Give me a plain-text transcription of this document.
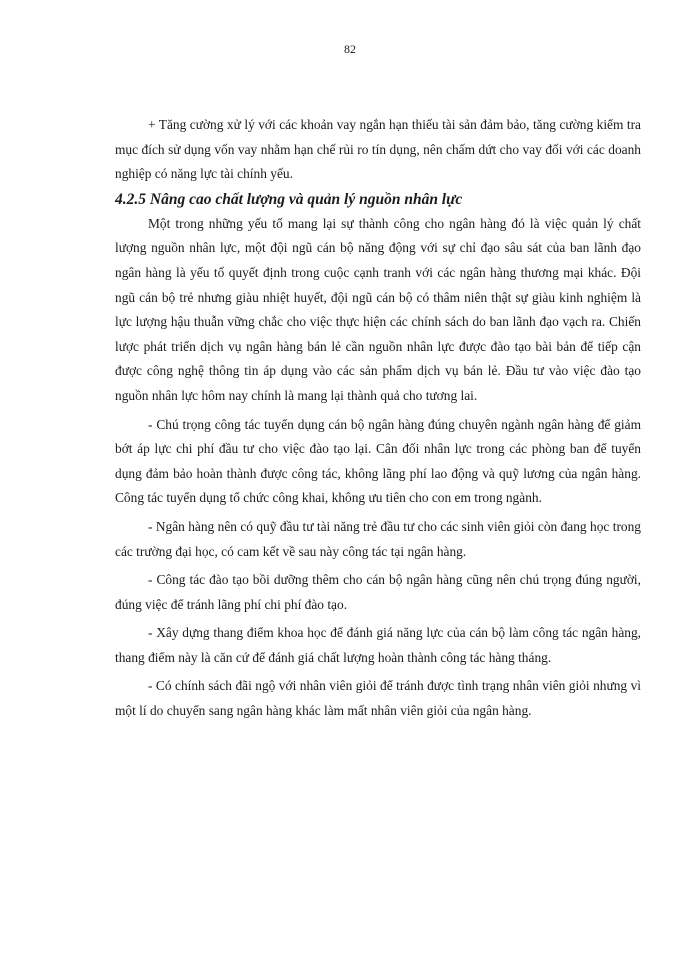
82

+ Tăng cường xử lý với các khoản vay ngắn hạn thiếu tài sản đảm bảo, tăng cường kiểm tra mục đích sử dụng vốn vay nhằm hạn chế rủi ro tín dụng, nên chấm dứt cho vay đối với các doanh nghiệp có năng lực tài chính yếu.

4.2.5 Nâng cao chất lượng và quản lý nguồn nhân lực

Một trong những yếu tố mang lại sự thành công cho ngân hàng đó là việc quản lý chất lượng nguồn nhân lực, một đội ngũ cán bộ năng động với sự chỉ đạo sâu sát của ban lãnh đạo ngân hàng là yếu tố quyết định trong cuộc cạnh tranh với các ngân hàng thương mại khác. Đội ngũ cán bộ trẻ nhưng giàu nhiệt huyết, đội ngũ cán bộ có thâm niên thật sự giàu kinh nghiệm là lực lượng hậu thuẫn vững chắc cho việc thực hiện các chính sách do ban lãnh đạo vạch ra. Chiến lược phát triển dịch vụ ngân hàng bán lẻ cần nguồn nhân lực được đào tạo bài bản để tiếp cận được công nghệ thông tin áp dụng vào các sản phẩm dịch vụ bán lẻ. Đầu tư vào việc đào tạo nguồn nhân lực hôm nay chính là mang lại thành quả cho tương lai.

- Chú trọng công tác tuyển dụng cán bộ ngân hàng đúng chuyên ngành ngân hàng để giảm bớt áp lực chi phí đầu tư cho việc đào tạo lại. Cân đối nhân lực trong các phòng ban để tuyển dụng đảm bảo hoàn thành được công tác, không lãng phí lao động và quỹ lương của ngân hàng. Công tác tuyển dụng tổ chức công khai, không ưu tiên cho con em trong ngành.

- Ngân hàng nên có quỹ đầu tư tài năng trẻ đầu tư cho các sinh viên giỏi còn đang học trong các trường đại học, có cam kết về sau này công tác tại ngân hàng.

- Công tác đào tạo bồi dưỡng thêm cho cán bộ ngân hàng cũng nên chú trọng đúng người, đúng việc để tránh lãng phí chi phí đào tạo.

- Xây dựng thang điểm khoa học để đánh giá năng lực của cán bộ làm công tác ngân hàng, thang điểm này là căn cứ để đánh giá chất lượng hoàn thành công tác hàng tháng.

- Có chính sách đãi ngộ với nhân viên giỏi để tránh được tình trạng nhân viên giỏi nhưng vì một lí do chuyển sang ngân hàng khác làm mất nhân viên giỏi của ngân hàng.
